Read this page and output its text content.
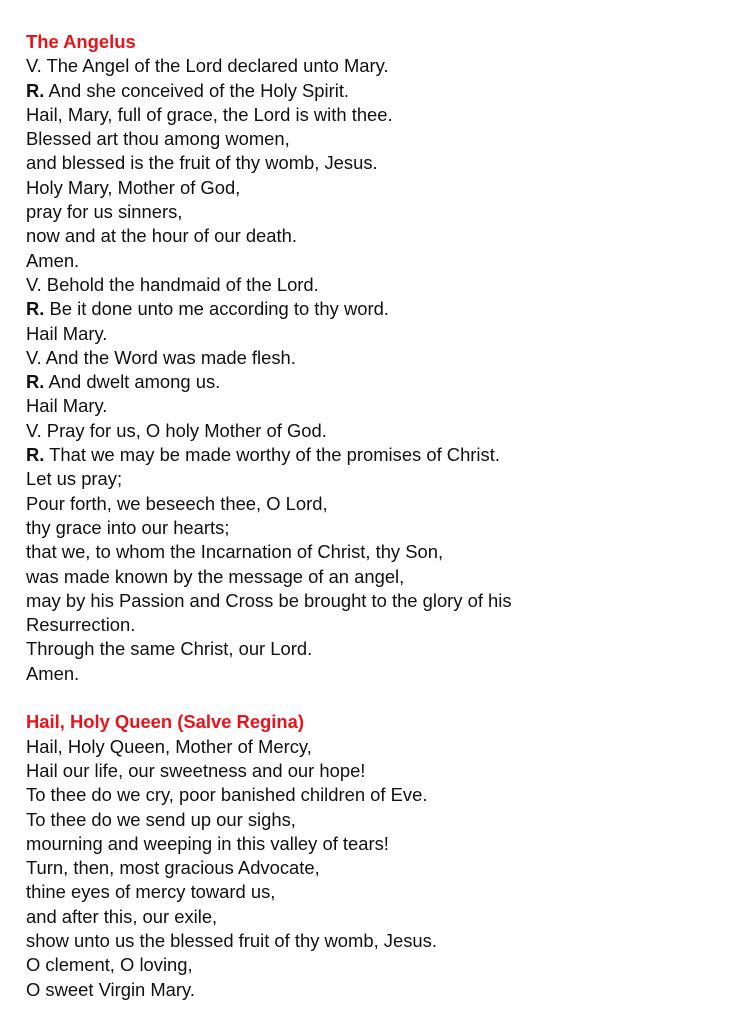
The Angelus
V. The Angel of the Lord declared unto Mary.
R. And she conceived of the Holy Spirit.
Hail, Mary, full of grace, the Lord is with thee.
Blessed art thou among women,
and blessed is the fruit of thy womb, Jesus.
Holy Mary, Mother of God,
pray for us sinners,
now and at the hour of our death.
Amen.
V. Behold the handmaid of the Lord.
R. Be it done unto me according to thy word.
Hail Mary.
V. And the Word was made flesh.
R. And dwelt among us.
Hail Mary.
V. Pray for us, O holy Mother of God.
R. That we may be made worthy of the promises of Christ.
Let us pray;
Pour forth, we beseech thee, O Lord,
thy grace into our hearts;
that we, to whom the Incarnation of Christ, thy Son,
was made known by the message of an angel,
may by his Passion and Cross be brought to the glory of his
Resurrection.
Through the same Christ, our Lord.
Amen.
Hail, Holy Queen (Salve Regina)
Hail, Holy Queen, Mother of Mercy,
Hail our life, our sweetness and our hope!
To thee do we cry, poor banished children of Eve.
To thee do we send up our sighs,
mourning and weeping in this valley of tears!
Turn, then, most gracious Advocate,
thine eyes of mercy toward us,
and after this, our exile,
show unto us the blessed fruit of thy womb, Jesus.
O clement, O loving,
O sweet Virgin Mary.
